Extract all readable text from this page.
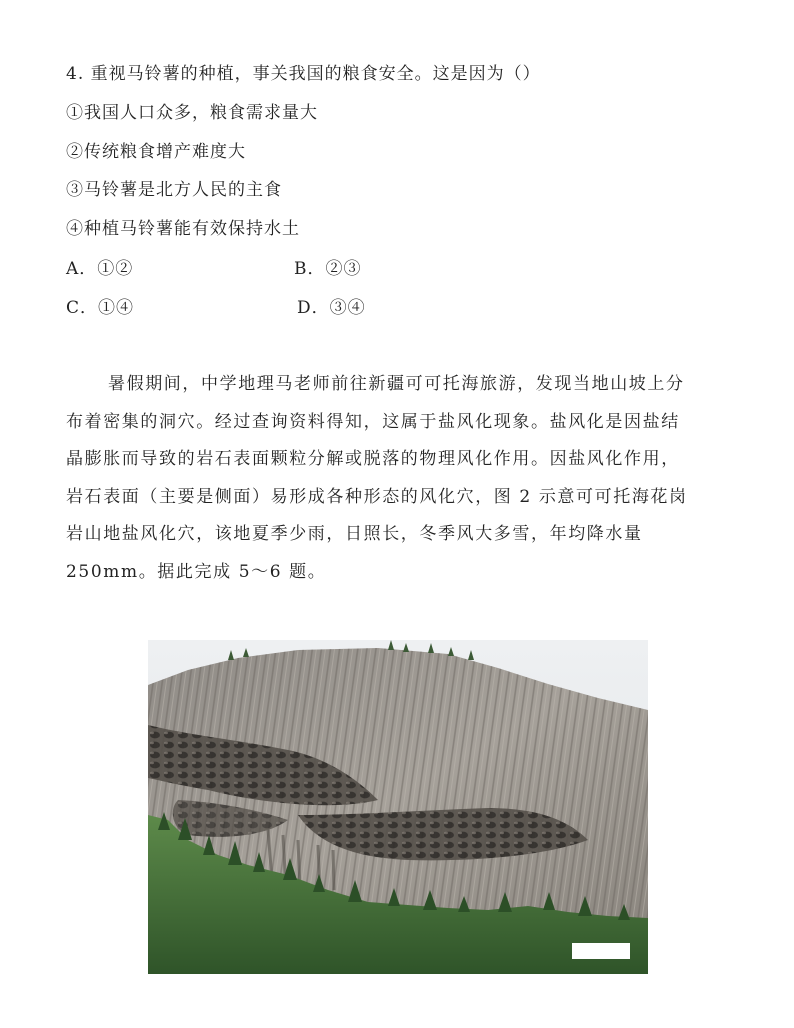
4. 重视马铃薯的种植，事关我国的粮食安全。这是因为（）
①我国人口众多，粮食需求量大
②传统粮食增产难度大
③马铃薯是北方人民的主食
④种植马铃薯能有效保持水土
A．①②	B．②③
C．①④	D．③④

暑假期间，中学地理马老师前往新疆可可托海旅游，发现当地山坡上分

布着密集的洞穴。经过查询资料得知，这属于盐风化现象。盐风化是因盐结

晶膨胀而导致的岩石表面颗粒分解或脱落的物理风化作用。因盐风化作用，

岩石表面（主要是侧面）易形成各种形态的风化穴，图 2 示意可可托海花岗

岩山地盐风化穴，该地夏季少雨，日照长，冬季风大多雪，年均降水量

250mm。据此完成 5～6 题。
